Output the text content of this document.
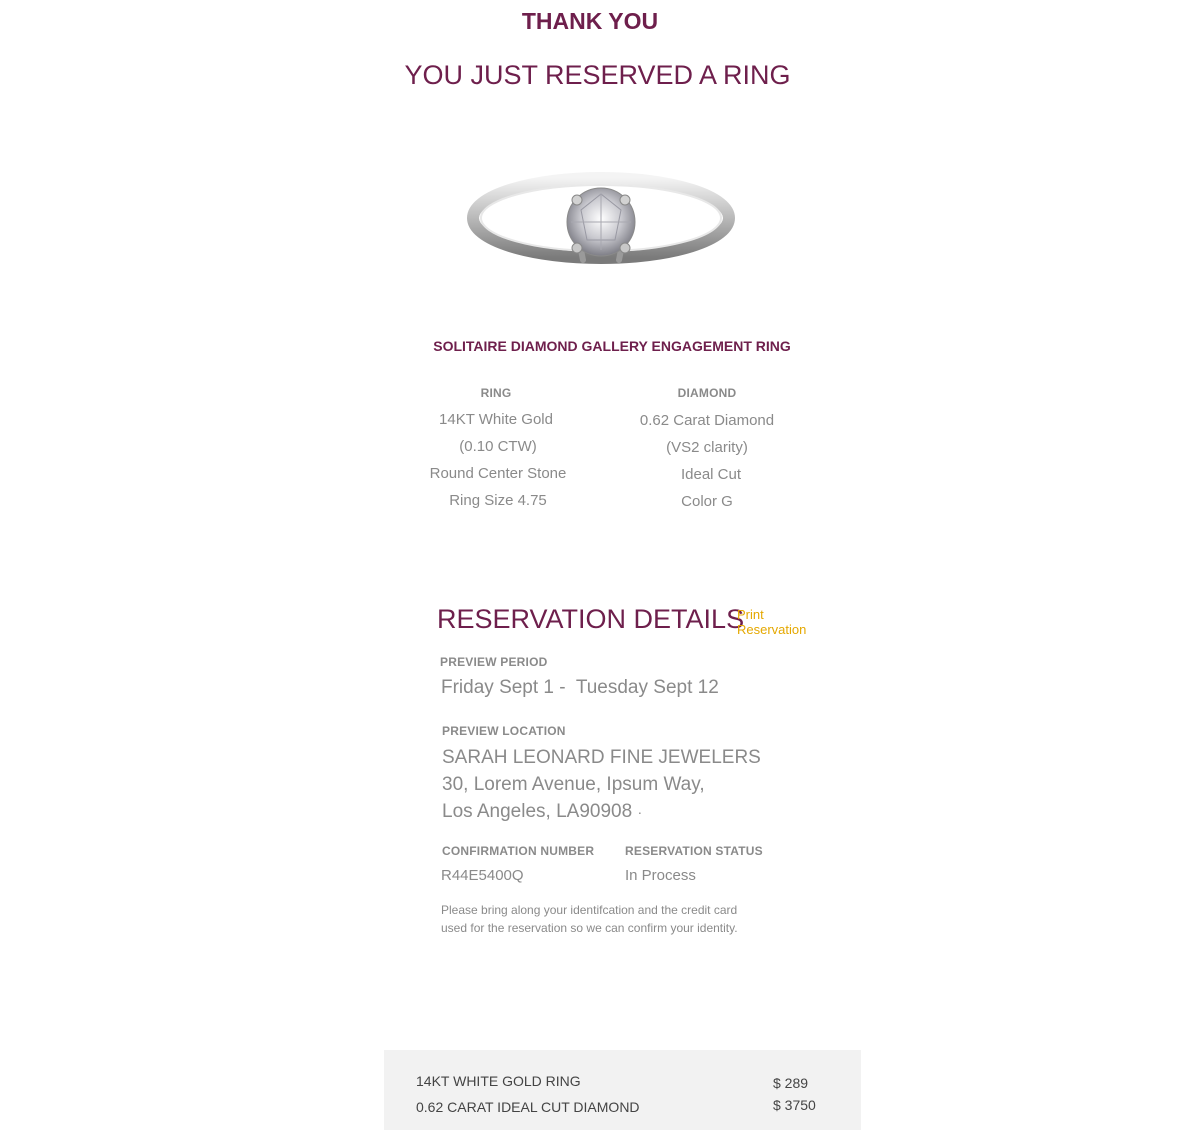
THANK YOU
YOU JUST RESERVED A RING
SOLITAIRE DIAMOND GALLERY ENGAGEMENT RING
RING
14KT White Gold
(0.10 CTW)
Round Center Stone
Ring Size 4.75
DIAMOND
0.62 Carat Diamond
(VS2 clarity)
Ideal Cut
Color G
RESERVATION DETAILS
Print
Reservation
PREVIEW PERIOD
Friday Sept 1 -  Tuesday Sept 12
PREVIEW LOCATION
SARAH LEONARD FINE JEWELERS
30, Lorem Avenue, Ipsum Way,
Los Angeles, LA90908 ·
CONFIRMATION NUMBER
R44E5400Q
RESERVATION STATUS
In Process
Please bring along your identifcation and the credit card
used for the reservation so we can confirm your identity.
14KT WHITE GOLD RING	$ 289
0.62 CARAT IDEAL CUT DIAMOND	$ 3750
